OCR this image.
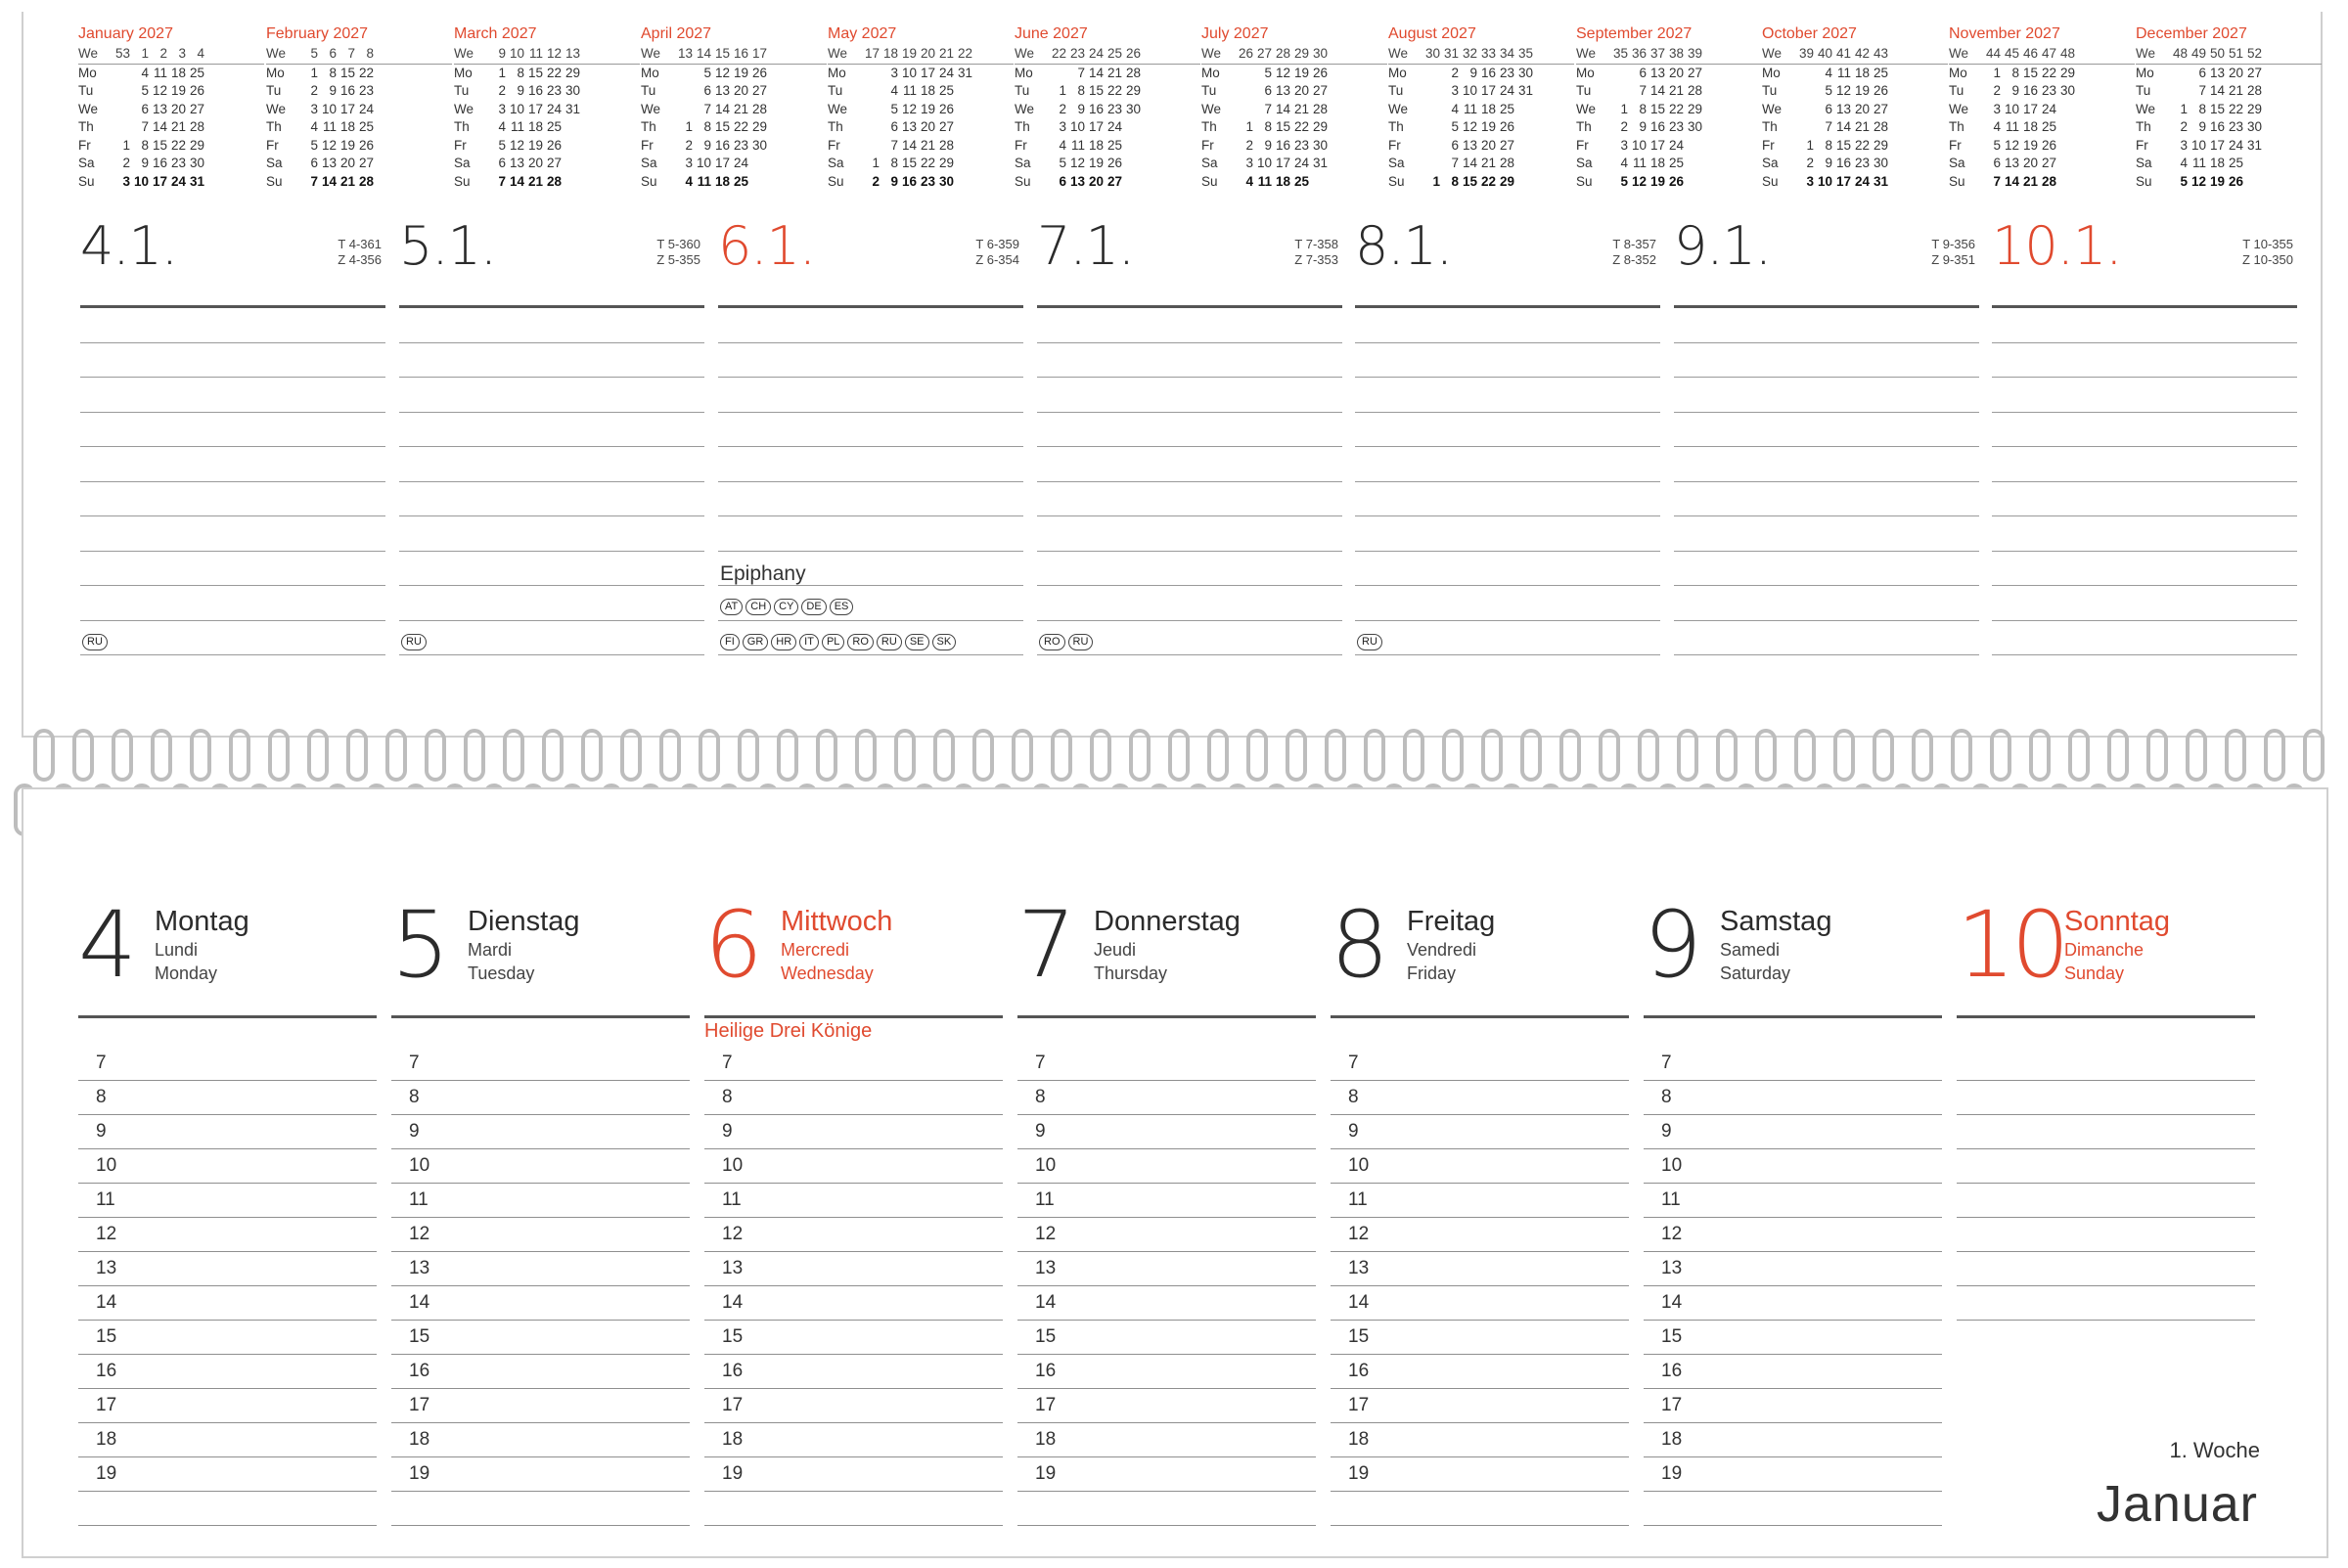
January 2027
We	53 1 2 3 4
Mo	4 11 18 25
Tu	5 12 19 26
We	6 13 20 27
Th	7 14 21 28
Fr	1 8 15 22 29
Sa	2 9 16 23 30
Su	3 10 17 24 31
February 2027
We	5 6 7 8
Mo	1 8 15 22
Tu	2 9 16 23
We	3 10 17 24
Th	4 11 18 25
Fr	5 12 19 26
Sa	6 13 20 27
Su	7 14 21 28
March 2027
We	9 10 11 12 13
Mo	1 8 15 22 29
Tu	2 9 16 23 30
We	3 10 17 24 31
Th	4 11 18 25
Fr	5 12 19 26
Sa	6 13 20 27
Su	7 14 21 28
April 2027
We	13 14 15 16 17
Mo	5 12 19 26
Tu	6 13 20 27
We	7 14 21 28
Th	1 8 15 22 29
Fr	2 9 16 23 30
Sa	3 10 17 24
Su	4 11 18 25
May 2027
We	17 18 19 20 21 22
Mo	3 10 17 24 31
Tu	4 11 18 25
We	5 12 19 26
Th	6 13 20 27
Fr	7 14 21 28
Sa	1 8 15 22 29
Su	2 9 16 23 30
June 2027
We	22 23 24 25 26
Mo	7 14 21 28
Tu	1 8 15 22 29
We	2 9 16 23 30
Th	3 10 17 24
Fr	4 11 18 25
Sa	5 12 19 26
Su	6 13 20 27
July 2027
We	26 27 28 29 30
Mo	5 12 19 26
Tu	6 13 20 27
We	7 14 21 28
Th	1 8 15 22 29
Fr	2 9 16 23 30
Sa	3 10 17 24 31
Su	4 11 18 25
August 2027
We	30 31 32 33 34 35
Mo	2 9 16 23 30
Tu	3 10 17 24 31
We	4 11 18 25
Th	5 12 19 26
Fr	6 13 20 27
Sa	7 14 21 28
Su	1 8 15 22 29
September 2027
We	35 36 37 38 39
Mo	6 13 20 27
Tu	7 14 21 28
We	1 8 15 22 29
Th	2 9 16 23 30
Fr	3 10 17 24
Sa	4 11 18 25
Su	5 12 19 26
October 2027
We	39 40 41 42 43
Mo	4 11 18 25
Tu	5 12 19 26
We	6 13 20 27
Th	7 14 21 28
Fr	1 8 15 22 29
Sa	2 9 16 23 30
Su	3 10 17 24 31
November 2027
We	44 45 46 47 48
Mo	1 8 15 22 29
Tu	2 9 16 23 30
We	3 10 17 24
Th	4 11 18 25
Fr	5 12 19 26
Sa	6 13 20 27
Su	7 14 21 28
December 2027
We	48 49 50 51 52
Mo	6 13 20 27
Tu	7 14 21 28
We	1 8 15 22 29
Th	2 9 16 23 30
Fr	3 10 17 24 31
Sa	4 11 18 25
Su	5 12 19 26
4.1.	T 4-361
Z 4-356
RU
5.1.	T 5-360
Z 5-355
RU
6.1.	T 6-359
Z 6-354
Epiphany
AT	CH	CY	DE	ES
FI	GR	HR	IT	PL	RO	RU	SE	SK
7.1.	T 7-358
Z 7-353
RO	RU
8.1.	T 8-357
Z 8-352
RU
9.1.	T 9-356
Z 9-351 10.1.	T 10-355
Z 10-350
4 Montag
Lundi
Monday
7
8
9
10
11
12
13
14
15
16
17
18
19
5 Dienstag
Mardi
Tuesday
7
8
9
10
11
12
13
14
15
16
17
18
19
6 Mittwoch
Mercredi
Wednesday
Heilige Drei Könige
7
8
9
10
11
12
13
14
15
16
17
18
19
7 Donnerstag
Jeudi
Thursday
7
8
9
10
11
12
13
14
15
16
17
18
19
8 Freitag
Vendredi
Friday
7
8
9
10
11
12
13
14
15
16
17
18
19
9 Samstag
Samedi
Saturday
7
8
9
10
11
12
13
14
15
16
17
18
19
10
Sonntag
Dimanche
Sunday
1. Woche
Januar
